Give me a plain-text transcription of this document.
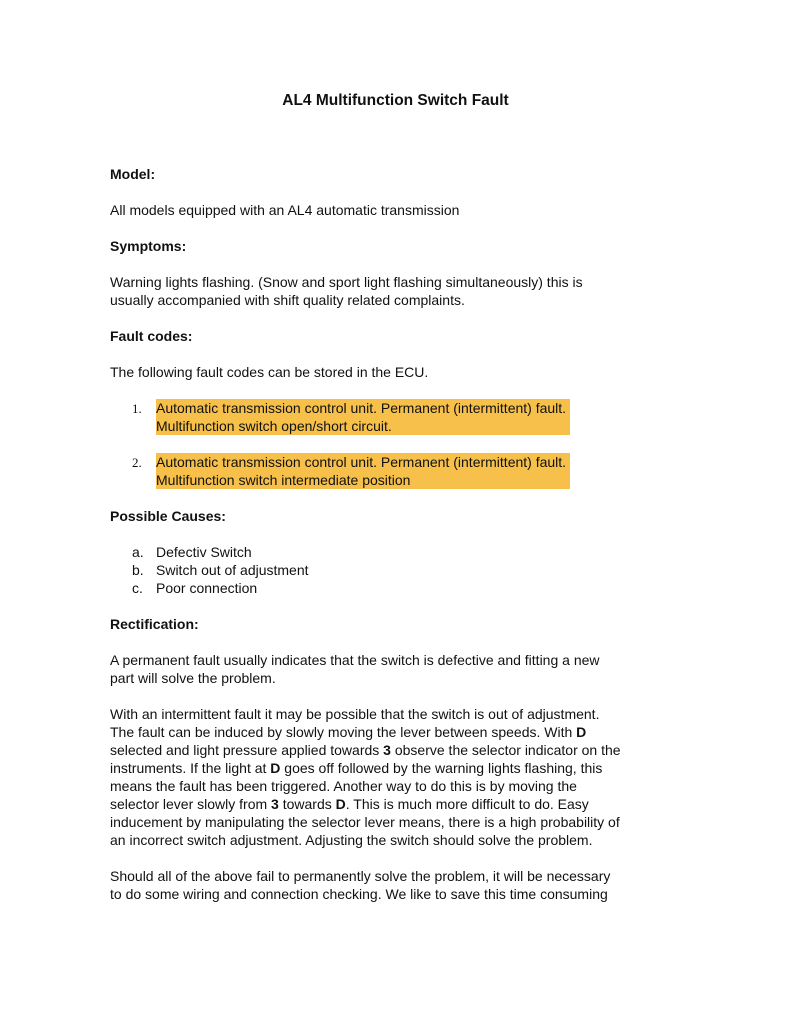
AL4 Multifunction Switch Fault

Model:

All models equipped with an AL4 automatic transmission

Symptoms:

Warning lights flashing. (Snow and sport light flashing simultaneously) this is
usually accompanied with shift quality related complaints.

Fault codes:

The following fault codes can be stored in the ECU.

1. Automatic transmission control unit. Permanent (intermittent) fault.
Multifunction switch open/short circuit.
2. Automatic transmission control unit. Permanent (intermittent) fault.
Multifunction switch intermediate position

Possible Causes:

a. Defectiv Switch
b. Switch out of adjustment
c. Poor connection

Rectification:

A permanent fault usually indicates that the switch is defective and fitting a new
part will solve the problem.

With an intermittent fault it may be possible that the switch is out of adjustment.
The fault can be induced by slowly moving the lever between speeds. With D
selected and light pressure applied towards 3 observe the selector indicator on the
instruments. If the light at D goes off followed by the warning lights flashing, this
means the fault has been triggered. Another way to do this is by moving the
selector lever slowly from 3 towards D. This is much more difficult to do. Easy
inducement by manipulating the selector lever means, there is a high probability of
an incorrect switch adjustment. Adjusting the switch should solve the problem.

Should all of the above fail to permanently solve the problem, it will be necessary
to do some wiring and connection checking. We like to save this time consuming
